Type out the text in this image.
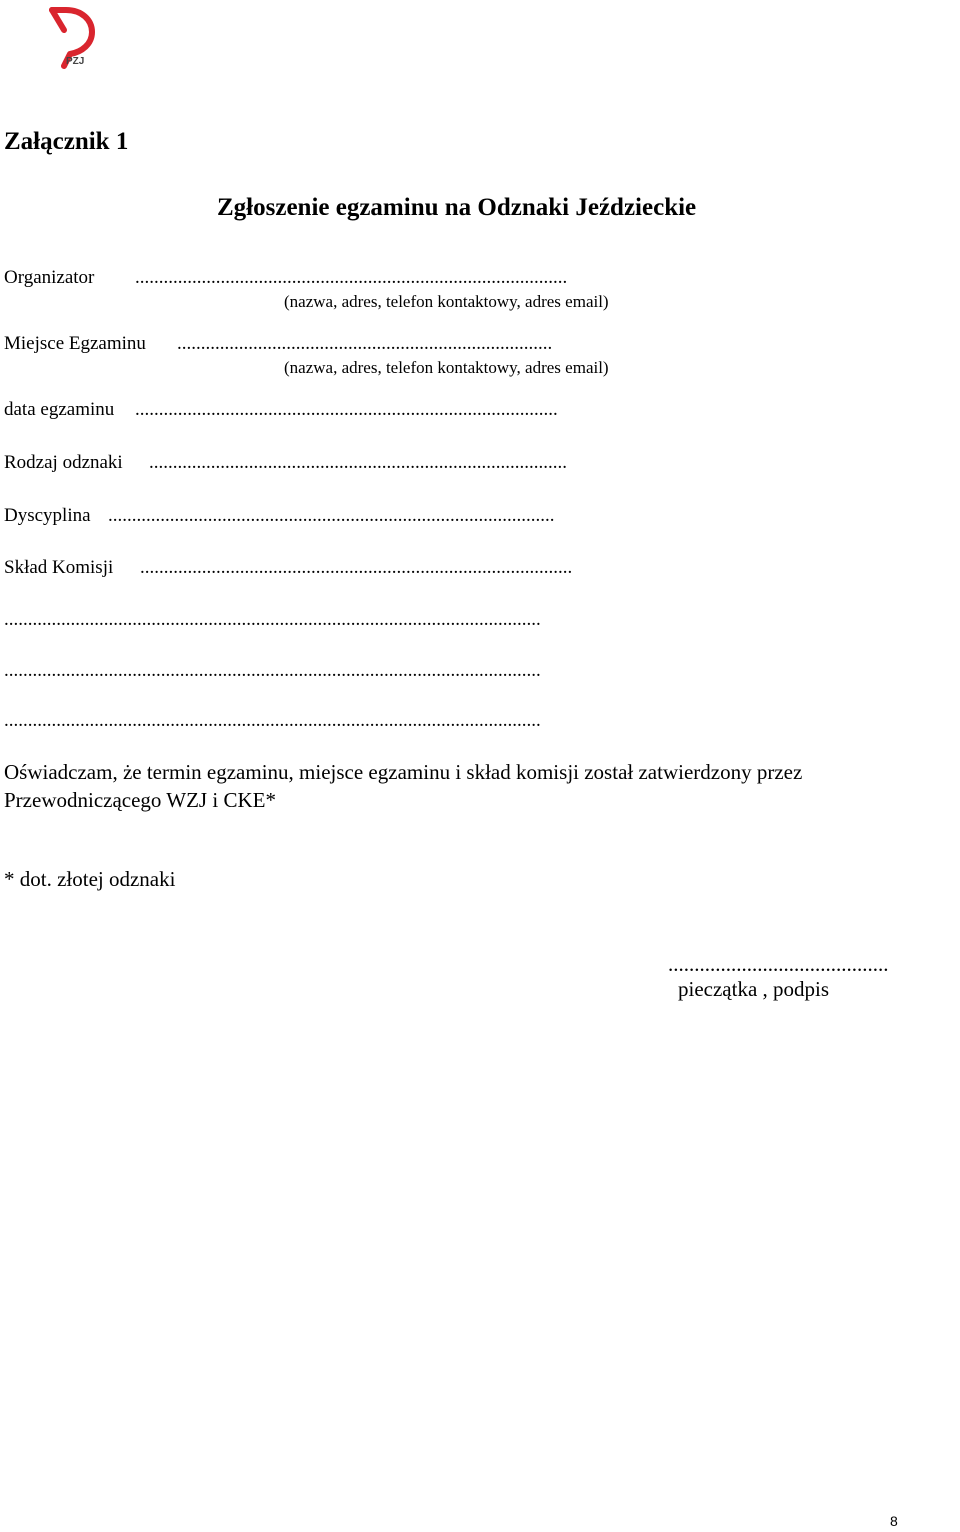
PZJ
Załącznik 1
Zgłoszenie egzaminu na Odznaki Jeździeckie
Organizator ...........................................................................................
(nazwa, adres, telefon kontaktowy, adres email)
Miejsce Egzaminu ...............................................................................
(nazwa, adres, telefon kontaktowy, adres email)
data egzaminu .........................................................................................
Rodzaj odznaki ........................................................................................
Dyscyplina ..............................................................................................
Skład Komisji ...........................................................................................
.................................................................................................................
.................................................................................................................
.................................................................................................................
Oświadczam, że termin egzaminu, miejsce egzaminu i skład komisji został zatwierdzony przez Przewodniczącego WZJ i CKE*
* dot. złotej odznaki
..........................................
pieczątka , podpis
8
